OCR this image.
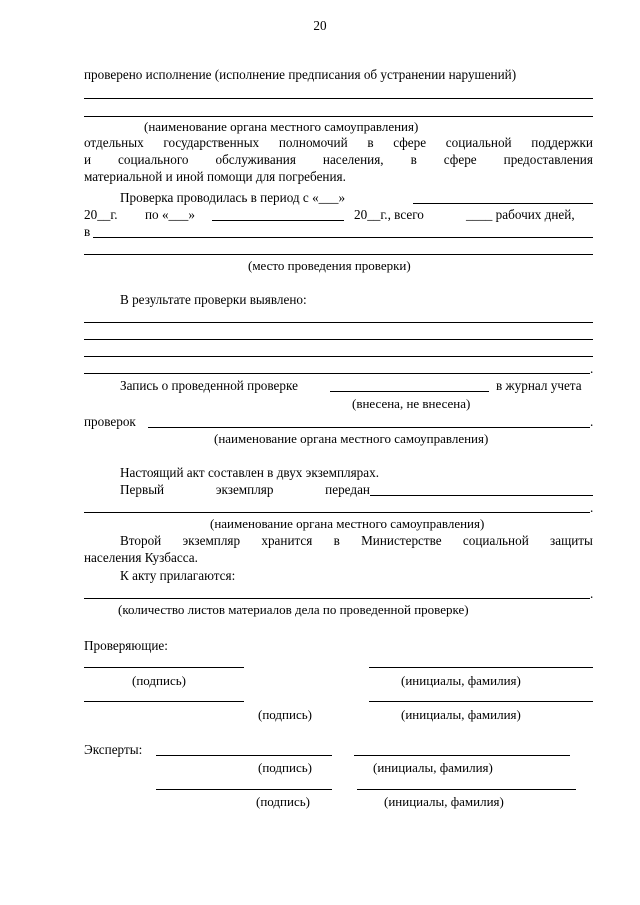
20
проверено исполнение (исполнение предписания об устранении нарушений)
(наименование органа местного самоуправления)
отдельных государственных полномочий в сфере социальной поддержки
и социального обслуживания населения, в сфере предоставления
материальной и иной помощи для погребения.
Проверка проводилась в период с «___»
20__г. по «___»	20__г., всего	____ рабочих дней,
в
(место проведения проверки)
В результате проверки выявлено:
.
Запись о проведенной проверке	в журнал учета
(внесена, не внесена)
проверок	.
(наименование органа местного самоуправления)
Настоящий акт составлен в двух экземплярах.
Первый	экземпляр	передан
.
(наименование органа местного самоуправления)
Второй экземпляр хранится в Министерстве социальной защиты
населения Кузбасса.
К акту прилагаются:
.
(количество листов материалов дела по проведенной проверке)
Проверяющие:
(подпись)	(инициалы, фамилия)
(подпись)	(инициалы, фамилия)
Эксперты:
(подпись)	(инициалы, фамилия)
(подпись)	(инициалы, фамилия)
